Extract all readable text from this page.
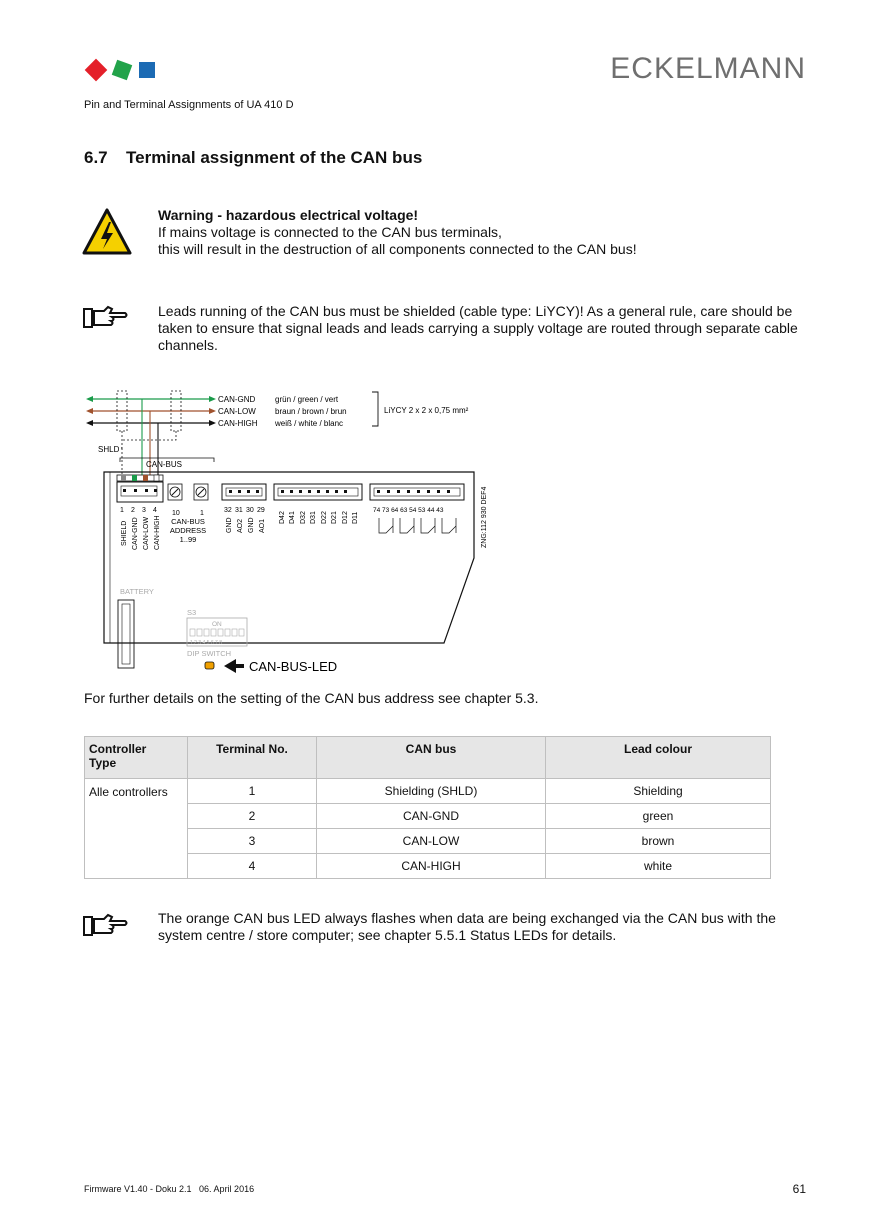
ECKELMANN
Pin and Terminal Assignments of UA 410 D
6.7 Terminal assignment of the CAN bus
Warning - hazardous electrical voltage!
If mains voltage is connected to the CAN bus terminals,
this will result in the destruction of all components connected to the CAN bus!
Leads running of the CAN bus must be shielded (cable type: LiYCY)! As a general rule, care should be taken to ensure that signal leads and leads carrying a supply voltage are routed through separate cable channels.
CAN-GND
CAN-LOW
CAN-HIGH
grün / green / vert
braun / brown / brun
weiß / white / blanc
LiYCY 2 x 2 x 0,75 mm²
SHLD
CAN-BUS
1 2 3 4
SHIELD CAN-GND CAN-LOW CAN-HIGH
10	1
CAN-BUS
ADDRESS
1..99
32 31 30 29
GND AO2 GND AO1
D42 D41 D32 D31 D22 D21 D12 D11
74 73 64 63 54 53 44 43	ZNG:112 930 DEF4
BATTERY
S3
ON
1 2 3 4 5 6 7 8
DIP SWITCH
CAN-BUS-LED
For further details on the setting of the CAN bus address see chapter 5.3.
Controller
Type	Terminal No.	CAN bus	Lead colour
Alle controllers	1	Shielding (SHLD)	Shielding
	2	CAN-GND	green
	3	CAN-LOW	brown
	4	CAN-HIGH	white
The orange CAN bus LED always flashes when data are being exchanged via the CAN bus with the system centre / store computer; see chapter 5.5.1 Status LEDs for details.
Firmware V1.40 - Doku 2.1   06. April 2016	61
